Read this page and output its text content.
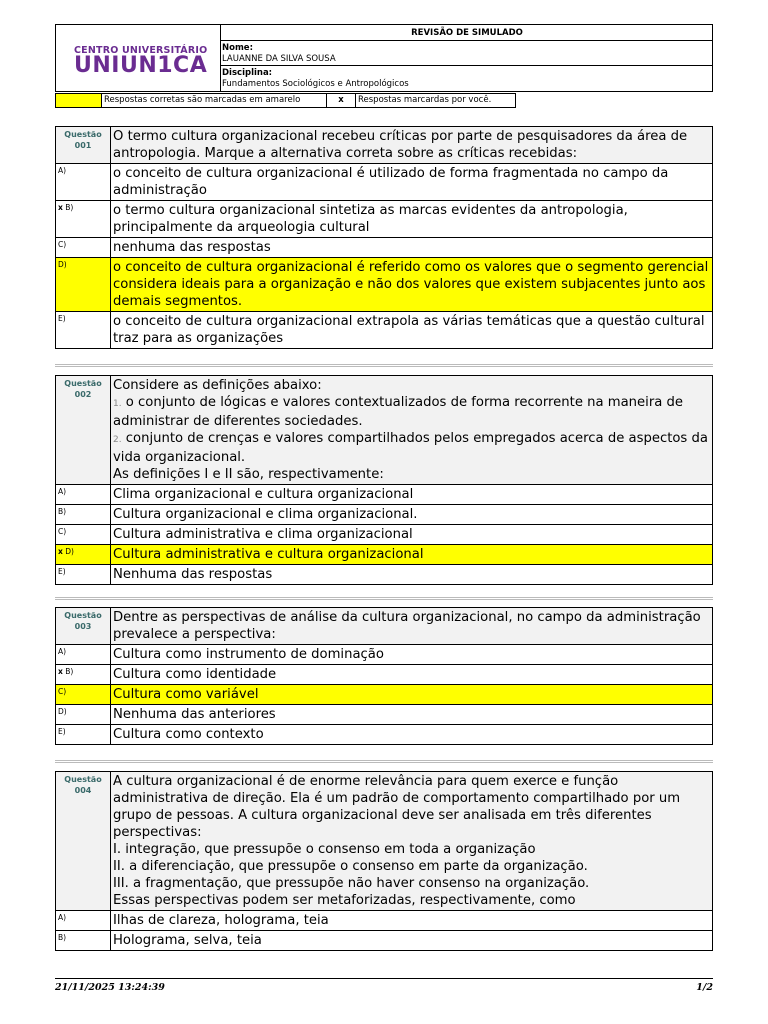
CENTRO UNIVERSITÁRIO
UNIUN1CA
REVISÃO DE SIMULADO
Nome:
LAUANNE DA SILVA SOUSA
Disciplina:
Fundamentos Sociológicos e Antropológicos
Respostas corretas são marcadas em amarelo	x	Respostas marcardas por você.
Questão
001	O termo cultura organizacional recebeu críticas por parte de pesquisadores da área de antropologia. Marque a alternativa correta sobre as críticas recebidas:
A)	o conceito de cultura organizacional é utilizado de forma fragmentada no campo da administração
x B)	o termo cultura organizacional sintetiza as marcas evidentes da antropologia, principalmente da arqueologia cultural
C)	nenhuma das respostas
D)	o conceito de cultura organizacional é referido como os valores que o segmento gerencial considera ideais para a organização e não dos valores que existem subjacentes junto aos demais segmentos.
E)	o conceito de cultura organizacional extrapola as várias temáticas que a questão cultural traz para as organizações
Questão
002	Considere as definições abaixo:
1. o conjunto de lógicas e valores contextualizados de forma recorrente na maneira de administrar de diferentes sociedades.
2. conjunto de crenças e valores compartilhados pelos empregados acerca de aspectos da vida organizacional.
As definições I e II são, respectivamente:
A)	Clima organizacional e cultura organizacional
B)	Cultura organizacional e clima organizacional.
C)	Cultura administrativa e clima organizacional
x D)	Cultura administrativa e cultura organizacional
E)	Nenhuma das respostas
Questão
003	Dentre as perspectivas de análise da cultura organizacional, no campo da administração prevalece a perspectiva:
A)	Cultura como instrumento de dominação
x B)	Cultura como identidade
C)	Cultura como variável
D)	Nenhuma das anteriores
E)	Cultura como contexto
Questão
004	A cultura organizacional é de enorme relevância para quem exerce e função administrativa de direção. Ela é um padrão de comportamento compartilhado por um grupo de pessoas. A cultura organizacional deve ser analisada em três diferentes perspectivas:
I. integração, que pressupõe o consenso em toda a organização
II. a diferenciação, que pressupõe o consenso em parte da organização.
III. a fragmentação, que pressupõe não haver consenso na organização.
Essas perspectivas podem ser metaforizadas, respectivamente, como
A)	Ilhas de clareza, holograma, teia
B)	Holograma, selva, teia
21/11/2025 13:24:39	1/2
